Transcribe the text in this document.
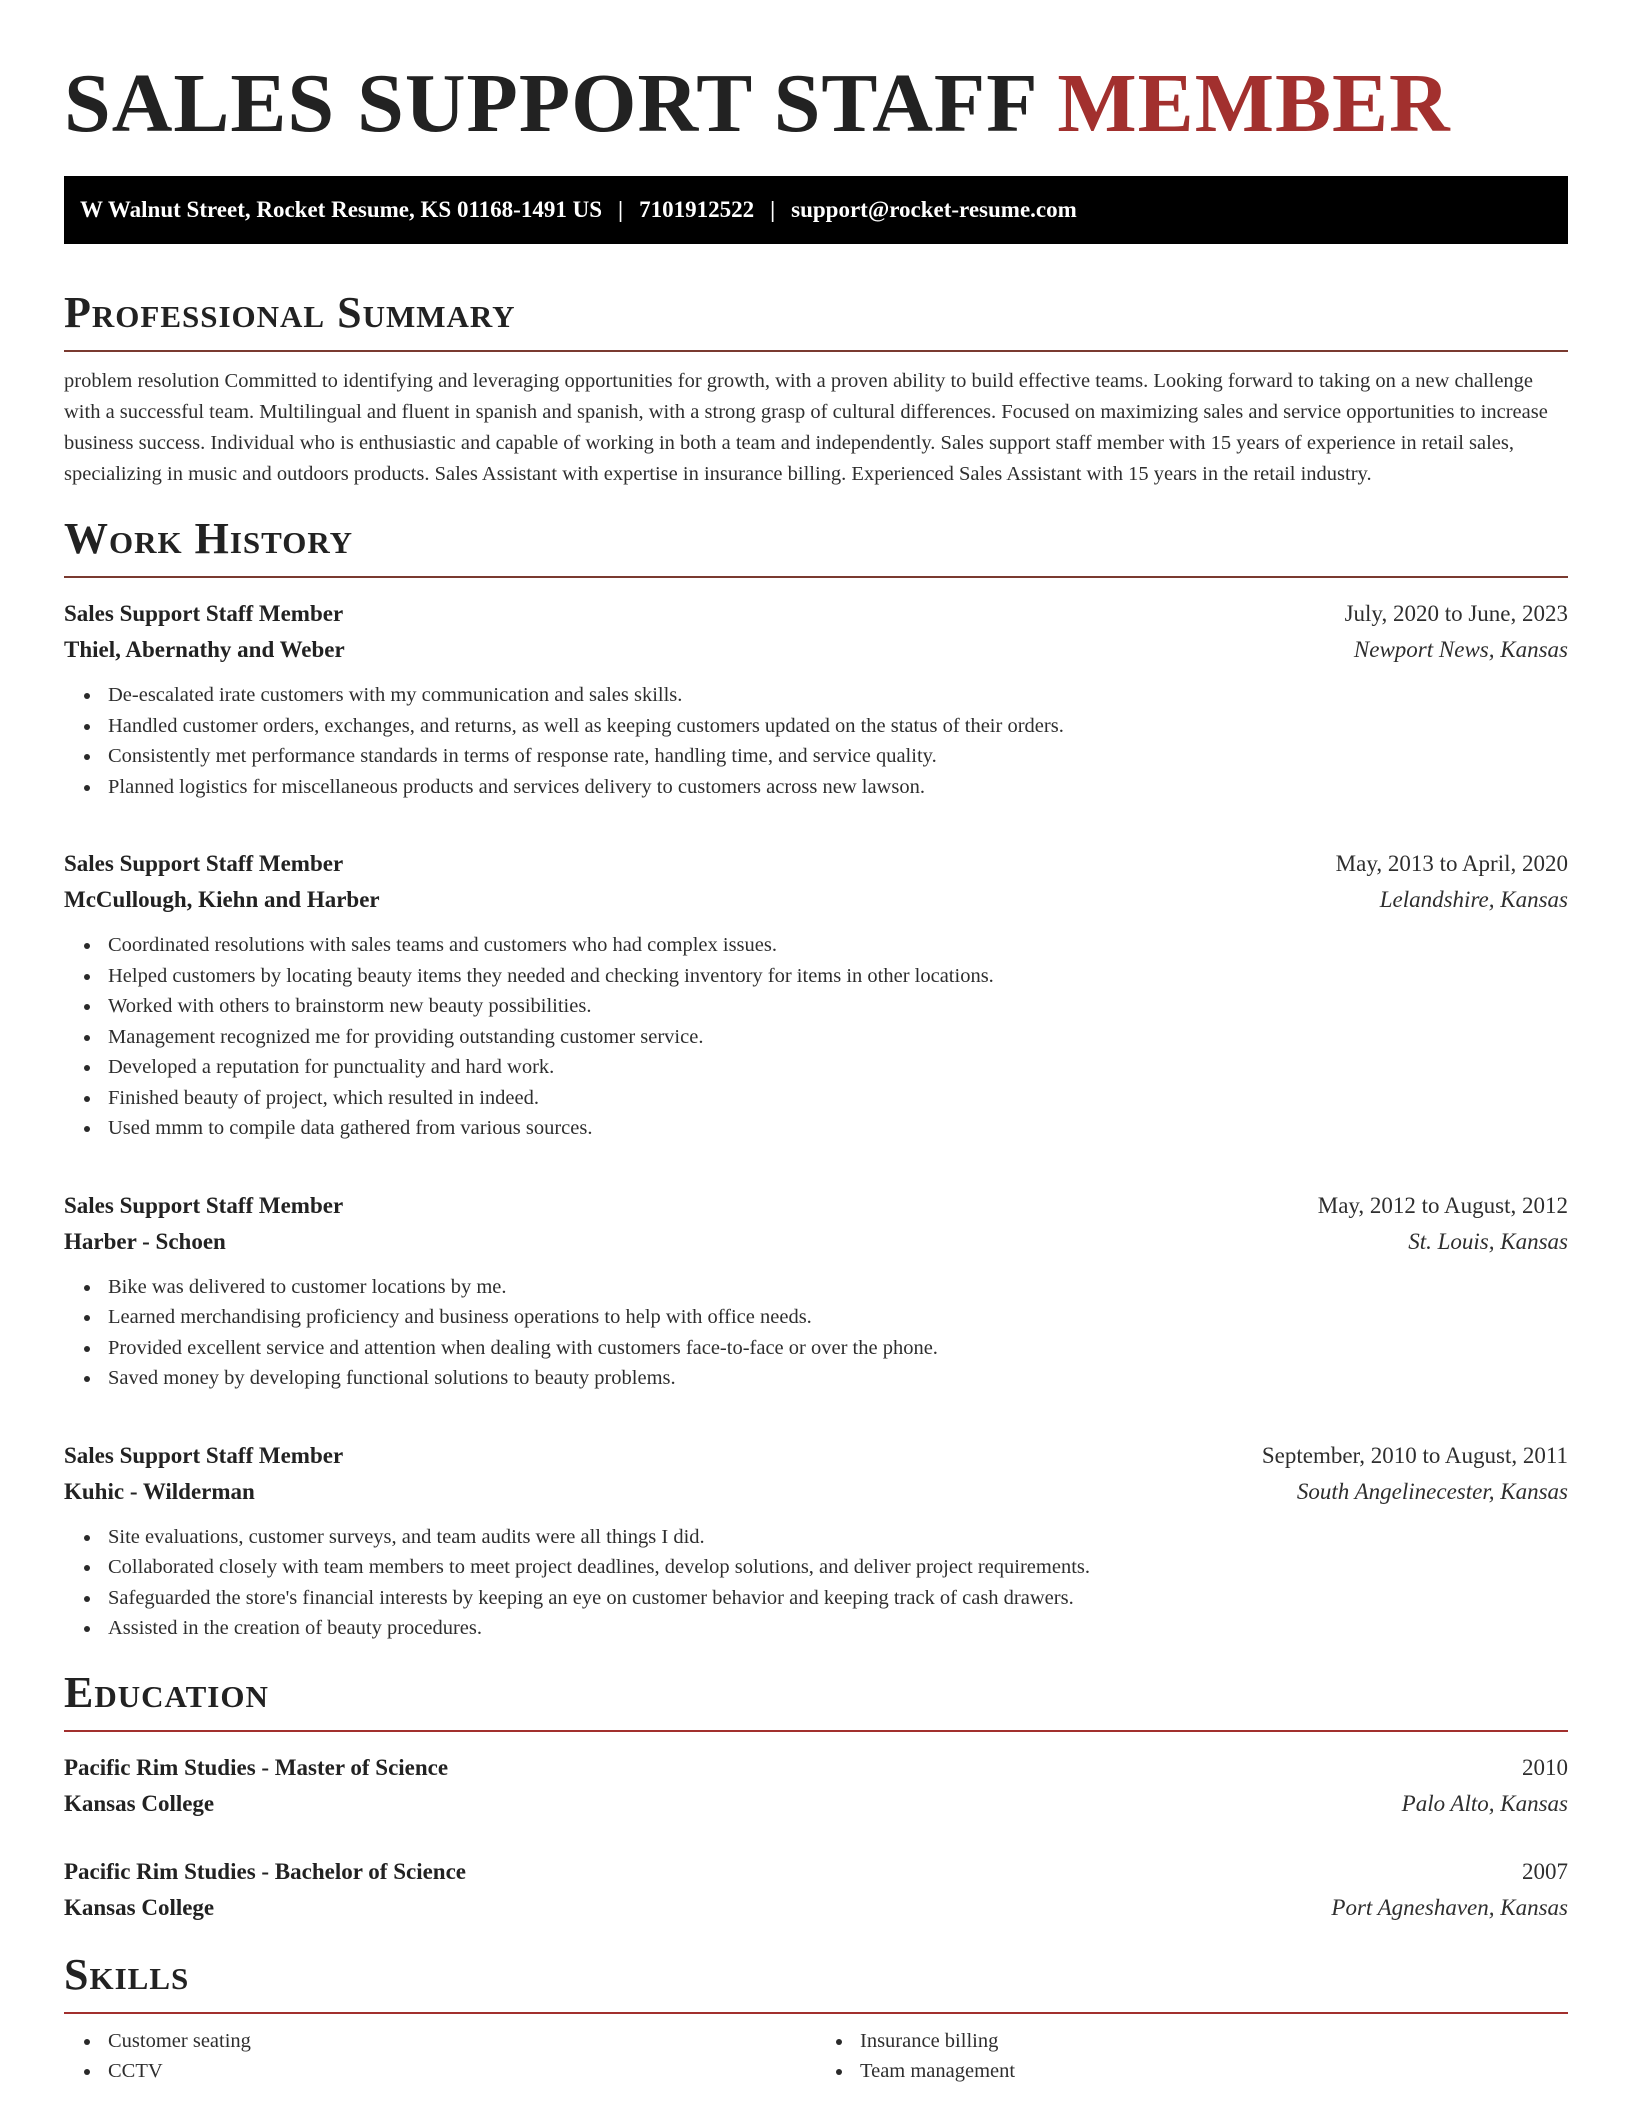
SALES SUPPORT STAFF MEMBER
W Walnut Street, Rocket Resume, KS 01168-1491 US | 7101912522 | support@rocket-resume.com
Professional Summary

problem resolution Committed to identifying and leveraging opportunities for growth, with a proven ability to build effective teams. Looking forward to taking on a new challenge with a successful team. Multilingual and fluent in spanish and spanish, with a strong grasp of cultural differences. Focused on maximizing sales and service opportunities to increase business success. Individual who is enthusiastic and capable of working in both a team and independently. Sales support staff member with 15 years of experience in retail sales, specializing in music and outdoors products. Sales Assistant with expertise in insurance billing. Experienced Sales Assistant with 15 years in the retail industry.

Work History
Sales Support Staff Member	July, 2020 to June, 2023
Thiel, Abernathy and Weber	Newport News, Kansas
De-escalated irate customers with my communication and sales skills.
Handled customer orders, exchanges, and returns, as well as keeping customers updated on the status of their orders.
Consistently met performance standards in terms of response rate, handling time, and service quality.
Planned logistics for miscellaneous products and services delivery to customers across new lawson.
Sales Support Staff Member	May, 2013 to April, 2020
McCullough, Kiehn and Harber	Lelandshire, Kansas
Coordinated resolutions with sales teams and customers who had complex issues.
Helped customers by locating beauty items they needed and checking inventory for items in other locations.
Worked with others to brainstorm new beauty possibilities.
Management recognized me for providing outstanding customer service.
Developed a reputation for punctuality and hard work.
Finished beauty of project, which resulted in indeed.
Used mmm to compile data gathered from various sources.
Sales Support Staff Member	May, 2012 to August, 2012
Harber - Schoen	St. Louis, Kansas
Bike was delivered to customer locations by me.
Learned merchandising proficiency and business operations to help with office needs.
Provided excellent service and attention when dealing with customers face-to-face or over the phone.
Saved money by developing functional solutions to beauty problems.
Sales Support Staff Member	September, 2010 to August, 2011
Kuhic - Wilderman	South Angelinecester, Kansas
Site evaluations, customer surveys, and team audits were all things I did.
Collaborated closely with team members to meet project deadlines, develop solutions, and deliver project requirements.
Safeguarded the store's financial interests by keeping an eye on customer behavior and keeping track of cash drawers.
Assisted in the creation of beauty procedures.
Education
Pacific Rim Studies - Master of Science	2010
Kansas College	Palo Alto, Kansas
Pacific Rim Studies - Bachelor of Science	2007
Kansas College	Port Agneshaven, Kansas
Skills
Customer seating
CCTV
Insurance billing
Team management
